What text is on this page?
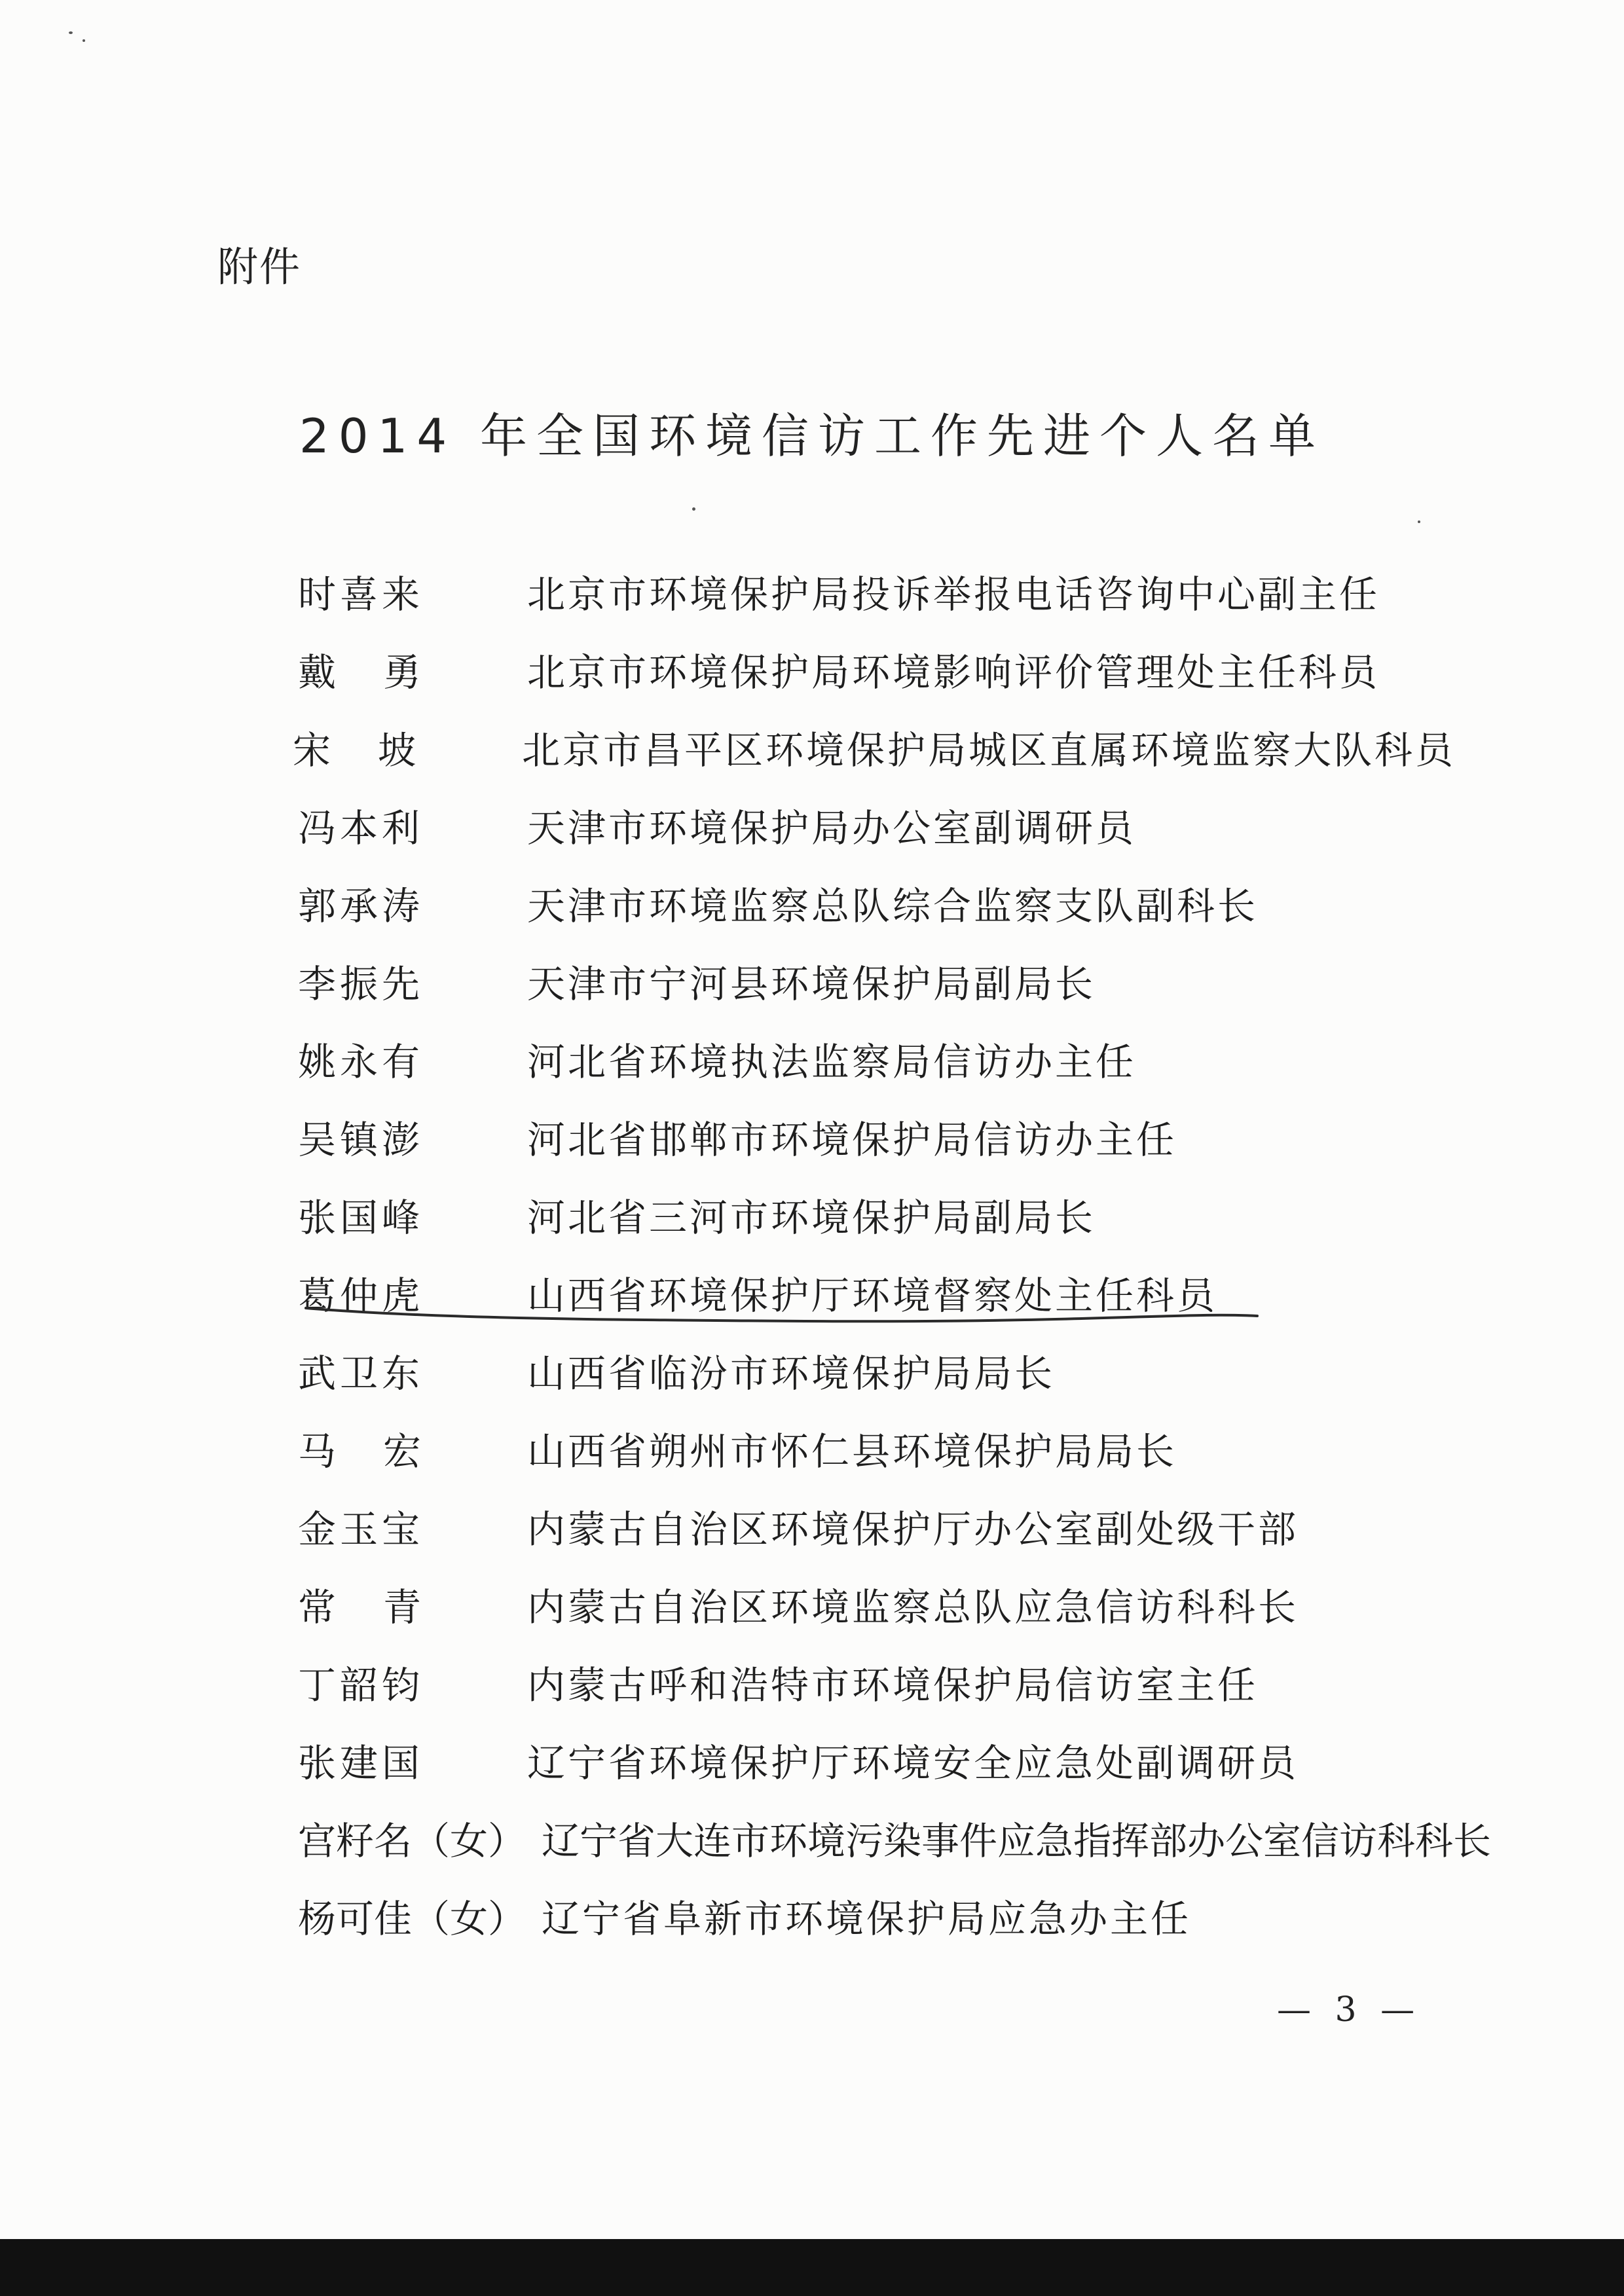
附件
2014 年全国环境信访工作先进个人名单
时喜来	北京市环境保护局投诉举报电话咨询中心副主任
戴勇 北京市环境保护局环境影响评价管理处主任科员
宋坡 北京市昌平区环境保护局城区直属环境监察大队科员
冯本利	天津市环境保护局办公室副调研员
郭承涛	天津市环境监察总队综合监察支队副科长
李振先	天津市宁河县环境保护局副局长
姚永有	河北省环境执法监察局信访办主任
吴镇澎	河北省邯郸市环境保护局信访办主任
张国峰	河北省三河市环境保护局副局长
葛仲虎	山西省环境保护厅环境督察处主任科员
武卫东	山西省临汾市环境保护局局长
马宏 山西省朔州市怀仁县环境保护局局长
金玉宝	内蒙古自治区环境保护厅办公室副处级干部
常青 内蒙古自治区环境监察总队应急信访科科长
丁韶钧	内蒙古呼和浩特市环境保护局信访室主任
张建国	辽宁省环境保护厅环境安全应急处副调研员
宫籽名（女） 辽宁省大连市环境污染事件应急指挥部办公室信访科科长
杨可佳（女） 辽宁省阜新市环境保护局应急办主任
— 3 —
